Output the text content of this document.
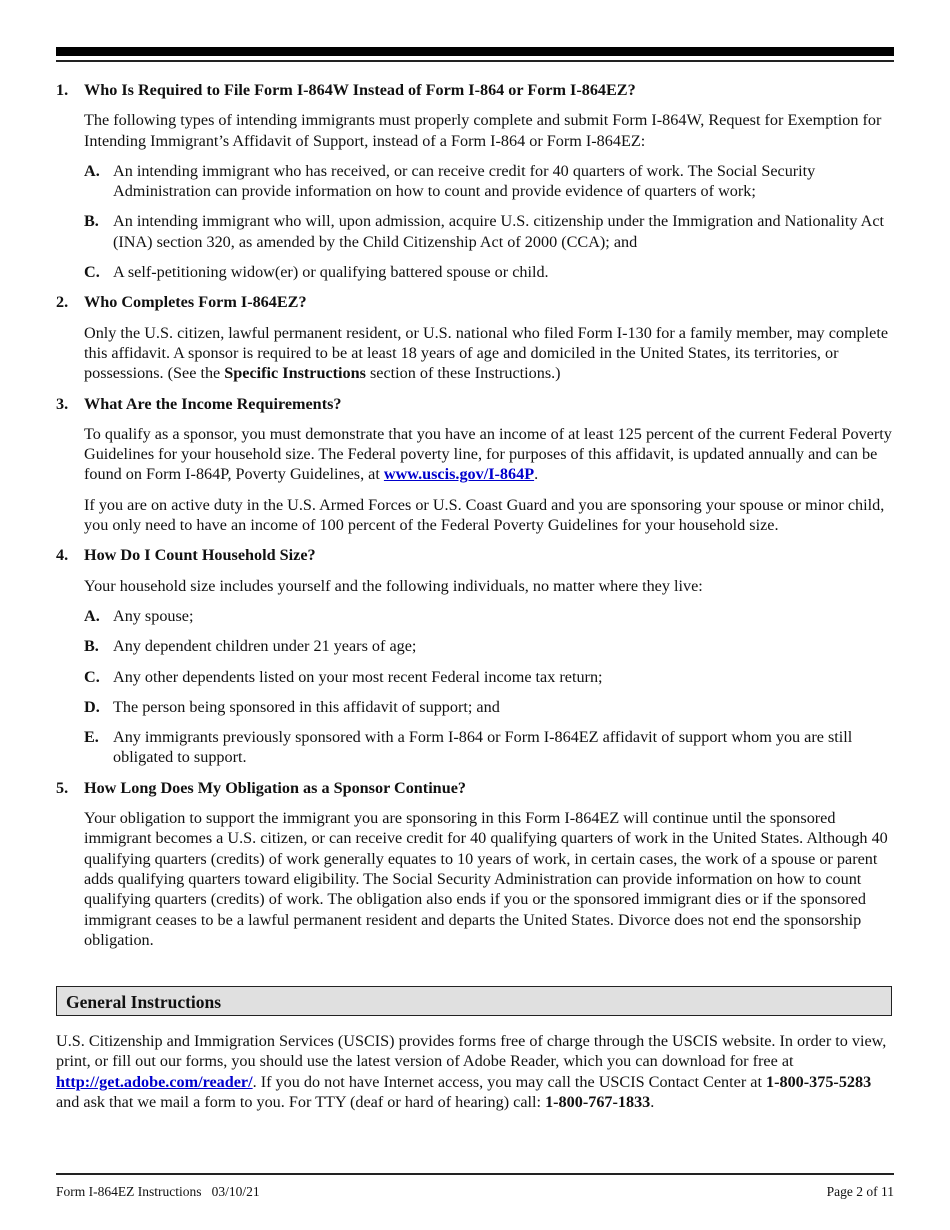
1. Who Is Required to File Form I-864W Instead of Form I-864 or Form I-864EZ?

The following types of intending immigrants must properly complete and submit Form I-864W, Request for Exemption for Intending Immigrant’s Affidavit of Support, instead of a Form I-864 or Form I-864EZ:

A. An intending immigrant who has received, or can receive credit for 40 quarters of work. The Social Security Administration can provide information on how to count and provide evidence of quarters of work;
B. An intending immigrant who will, upon admission, acquire U.S. citizenship under the Immigration and Nationality Act (INA) section 320, as amended by the Child Citizenship Act of 2000 (CCA); and
C. A self-petitioning widow(er) or qualifying battered spouse or child.
2. Who Completes Form I-864EZ?

Only the U.S. citizen, lawful permanent resident, or U.S. national who filed Form I-130 for a family member, may complete this affidavit. A sponsor is required to be at least 18 years of age and domiciled in the United States, its territories, or possessions. (See the Specific Instructions section of these Instructions.)

3. What Are the Income Requirements?

To qualify as a sponsor, you must demonstrate that you have an income of at least 125 percent of the current Federal Poverty Guidelines for your household size. The Federal poverty line, for purposes of this affidavit, is updated annually and can be found on Form I-864P, Poverty Guidelines, at www.uscis.gov/I-864P.

If you are on active duty in the U.S. Armed Forces or U.S. Coast Guard and you are sponsoring your spouse or minor child, you only need to have an income of 100 percent of the Federal Poverty Guidelines for your household size.

4. How Do I Count Household Size?

Your household size includes yourself and the following individuals, no matter where they live:

A. Any spouse;
B. Any dependent children under 21 years of age;
C. Any other dependents listed on your most recent Federal income tax return;
D. The person being sponsored in this affidavit of support; and
E. Any immigrants previously sponsored with a Form I-864 or Form I-864EZ affidavit of support whom you are still obligated to support.
5. How Long Does My Obligation as a Sponsor Continue?

Your obligation to support the immigrant you are sponsoring in this Form I-864EZ will continue until the sponsored immigrant becomes a U.S. citizen, or can receive credit for 40 qualifying quarters of work in the United States. Although 40 qualifying quarters (credits) of work generally equates to 10 years of work, in certain cases, the work of a spouse or parent adds qualifying quarters toward eligibility. The Social Security Administration can provide information on how to count qualifying quarters (credits) of work. The obligation also ends if you or the sponsored immigrant dies or if the sponsored immigrant ceases to be a lawful permanent resident and departs the United States. Divorce does not end the sponsorship obligation.

General Instructions

U.S. Citizenship and Immigration Services (USCIS) provides forms free of charge through the USCIS website. In order to view, print, or fill out our forms, you should use the latest version of Adobe Reader, which you can download for free at http://get.adobe.com/reader/. If you do not have Internet access, you may call the USCIS Contact Center at 1-800-375-5283 and ask that we mail a form to you. For TTY (deaf or hard of hearing) call: 1-800-767-1833.

Form I-864EZ Instructions   03/10/21	Page 2 of 11
